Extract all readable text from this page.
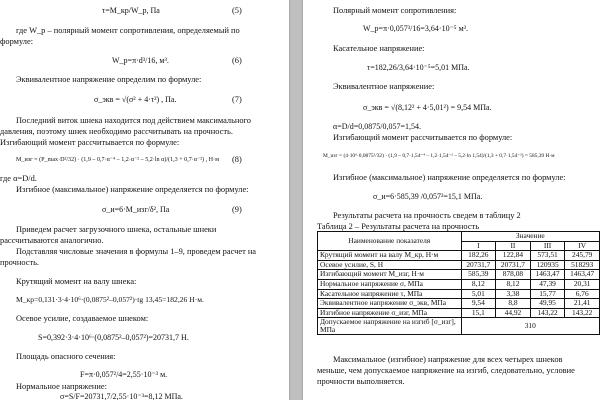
τ=M_кр/W_p, Па	(5)
где W_p – полярный момент сопротивления, определяемый по
формуле:
W_p=π·d³/16, м³.	(6)
Эквивалентное напряжение определим по формуле:
σ_экв = √(σ² + 4·τ²) , Па.	(7)
Последний виток шнека находится под действием максимального
давления, поэтому шнек необходимо рассчитывать на прочность.
Изгибающий момент рассчитывается по формуле:
M_изг = (P_max·D²/32) · (1,9 – 0,7·α⁻⁴ – 1,2·α⁻² – 5,2·ln α)/(1,3 + 0,7·α⁻²) , Н·м (8)
где α=D/d.
Изгибное (максимальное) напряжение определяется по формуле:
σ_и=6·M_изг/δ², Па	(9)
Приведем расчет загрузочного шнека, остальные шнеки
рассчитываются аналогично.
Подставляя числовые значения в формулы 1–9, проведем расчет на
прочность.
Крутящий момент на валу шнека:
M_кр=0,131·3·4·10⁶·(0,0875²–0,057²)·tg 13,45=182,26 Н·м.
Осевое усилие, создаваемое шнеком:
S=0,392·3·4·10⁶·(0,0875²–0,057²)=20731,7 Н.
Площадь опасного сечения:
F=π·0,057²/4=2,55·10⁻³ м.
Нормальное напряжение:
σ=S/F=20731,7/2,55·10⁻³=8,12 МПа.
Полярный момент сопротивления:
W_p=π·0,057³/16=3,64·10⁻⁵ м³.
Касательное напряжение:
τ=182,26/3,64·10⁻⁵=5,01 МПа.
Эквивалентное напряжение:
σ_экв = √(8,12² + 4·5,01²) = 9,54 МПа.
α=D/d=0,0875/0,057=1,54.
Изгибающий момент рассчитывается по формуле:
M_изг = (4·10⁶·0,0875²/32) · (1,9 – 0,7·1,54⁻⁴ – 1,2·1,54⁻² – 5,2·ln 1,54)/(1,3 + 0,7·1,54⁻²) = 585,39 Н·м
Изгибное (максимальное) напряжение определяется по формуле:
σ_и=6·585,39 /0,057²=15,1 МПа.
Результаты расчета на прочность сведем в таблицу 2
Таблица 2 – Результаты расчета на прочность
Наименование показателя	Значение			
	I	II	III	IV
Крутящий момент на валу M_кр, Н·м	182,26	122,84	573,51	245,79
Осевое усилие, S, Н	20731,7	20731,7	120935	51829З
Изгибающий момент M_изг, Н·м	585,39	878,08	1463,47	1463,47
Нормальное напряжение σ, МПа	8,12	8,12	47,39	20,31
Касательное напряжение τ, МПа	5,01	3,38	15,77	6,76
Эквивалентное напряжение σ_экв, МПа	9,54	8,8	49,95	21,41
Изгибное напряжение σ_изг, МПа	15,1	44,92	143,22	143,22
Допускаемое напряжение на изгиб [σ_изг], МПа	310			
Максимальное (изгибное) напряжение для всех четырех шнеков
меньше, чем допускаемое напряжение на изгиб, следовательно, условие
прочности выполняется.
